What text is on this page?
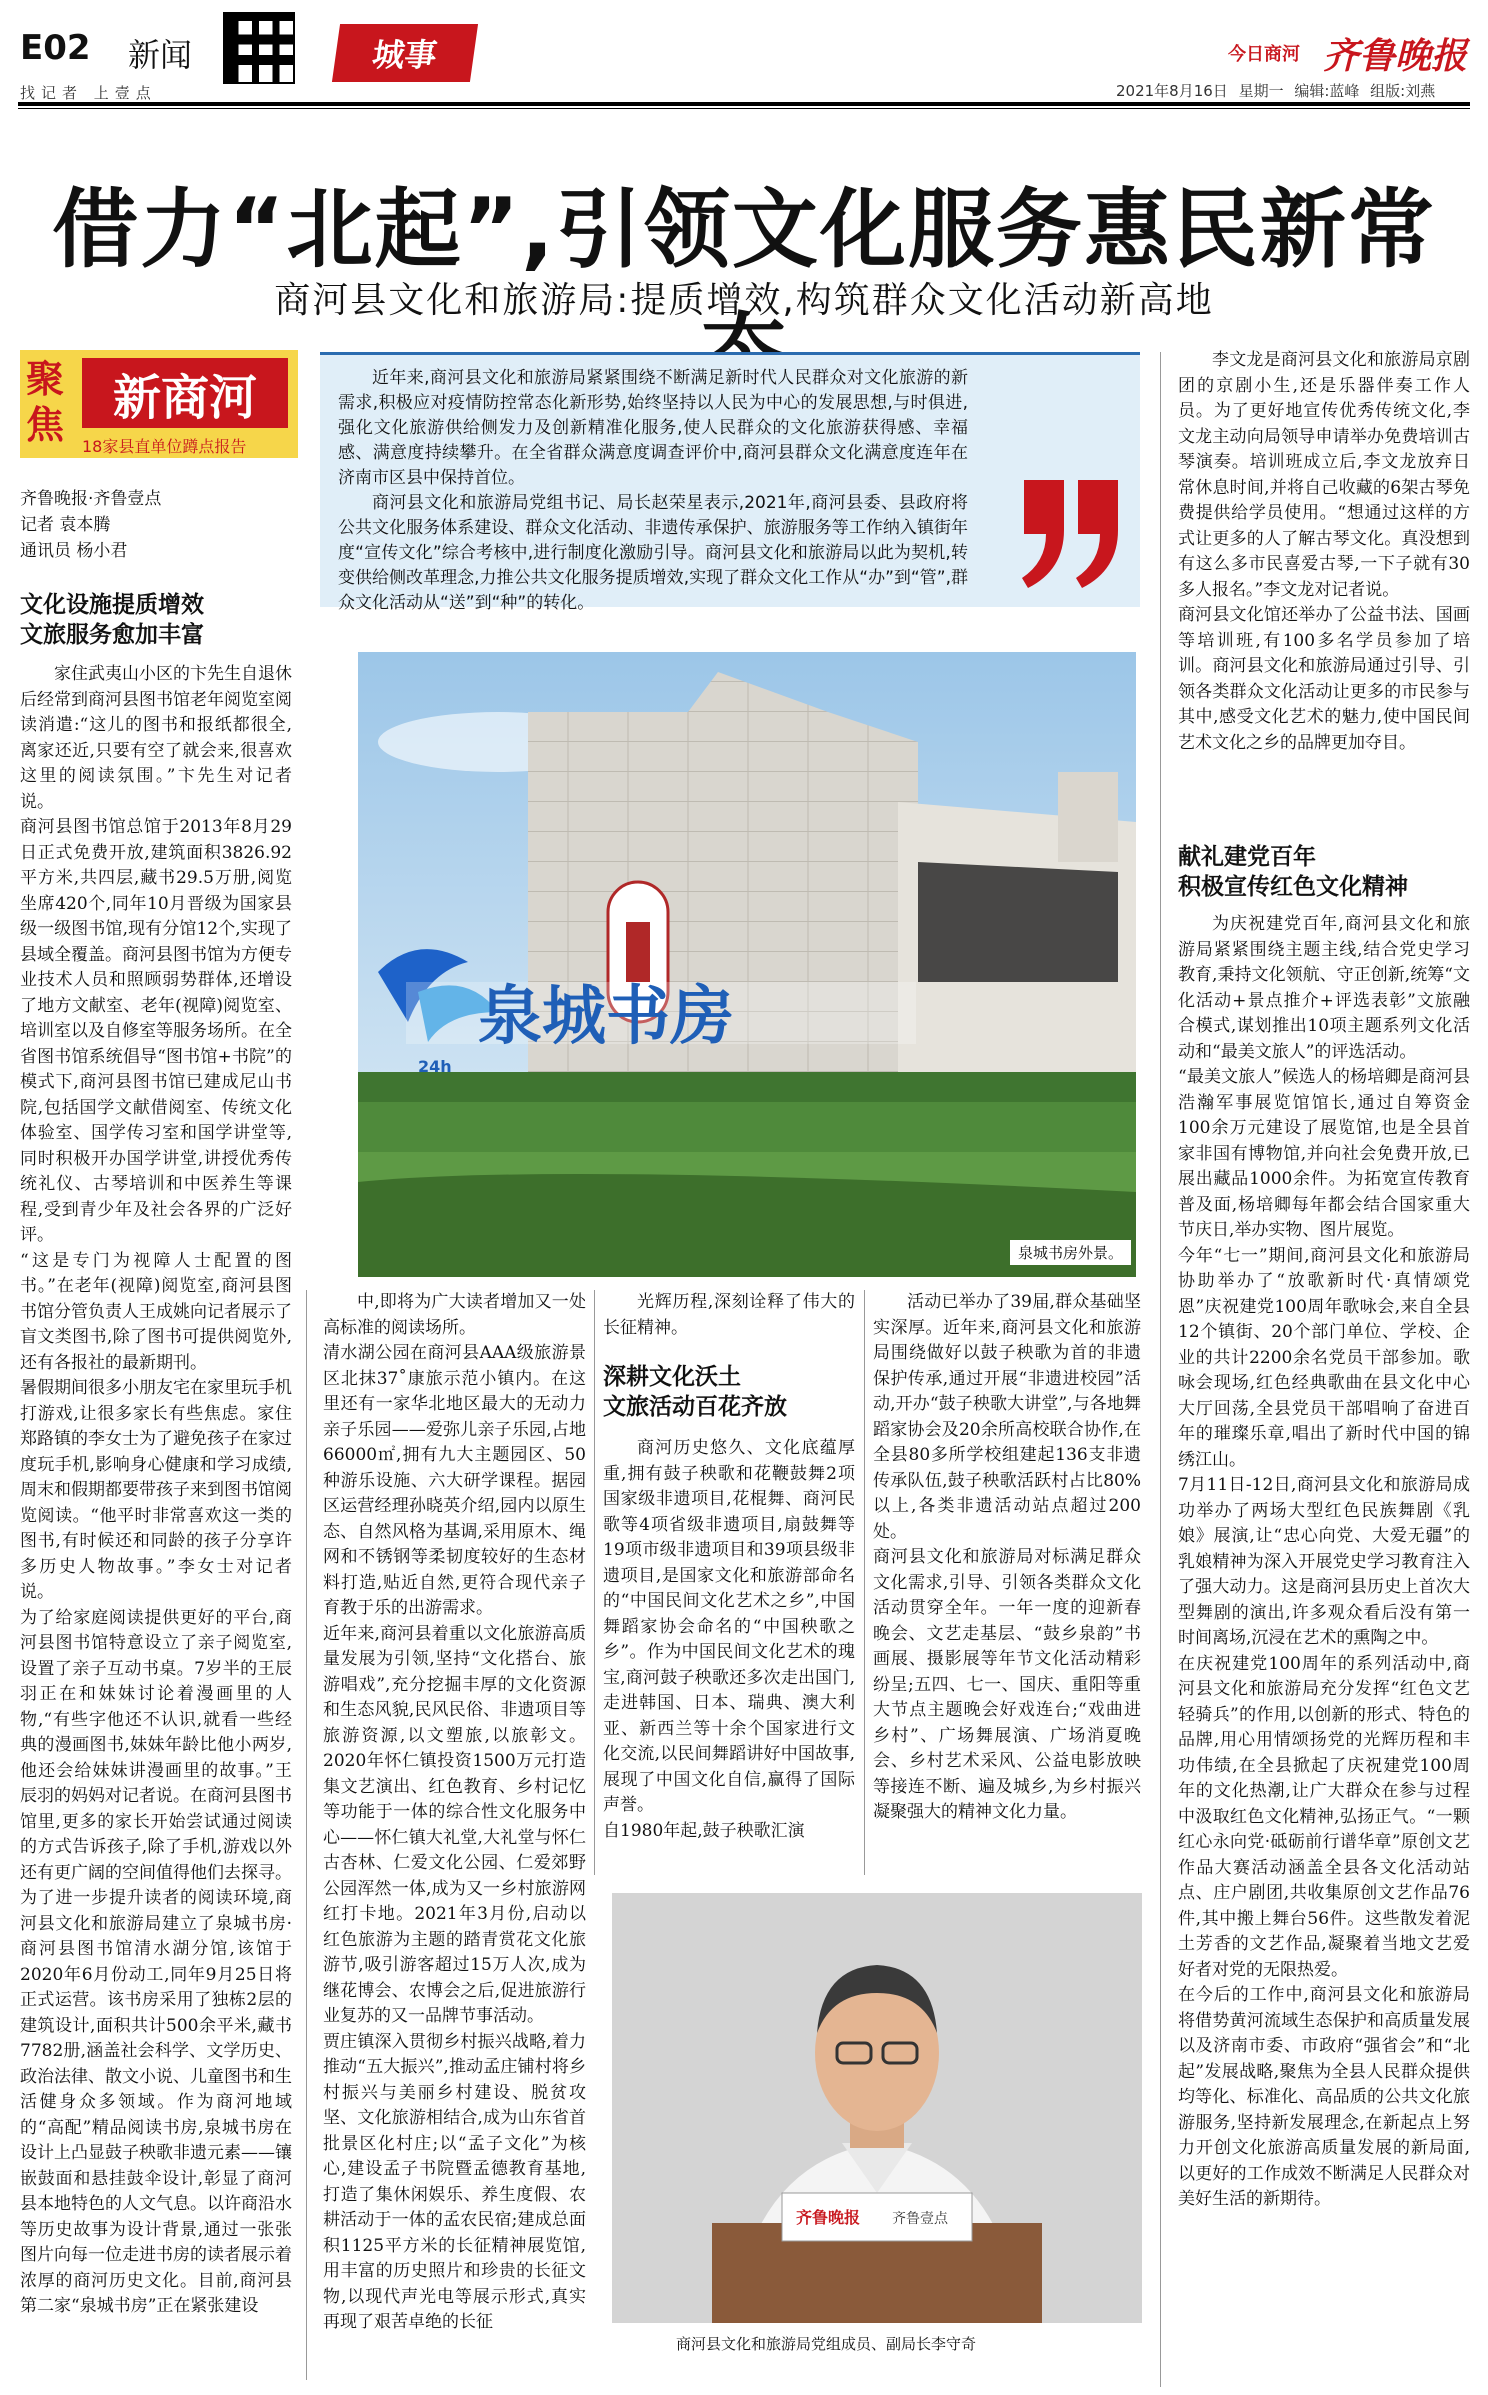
E02 新闻
找记者 上壹点
城事	今日商河 齐鲁晚报
2021年8月16日 星期一 编辑:蓝峰 组版:刘燕
借力“北起”,引领文化服务惠民新常
商河县文化和旅游局:提质增效,构筑群众文化活动新高地
聚焦 新商河
18家县直单位蹲点报告
齐鲁晚报·齐鲁壹点
记者 袁本腾
通讯员 杨小君

近年来,商河县文化和旅游局紧紧围绕不断满足新时代人民群众对文化旅游的新需求,积极应对疫情防控常态化新形势,始终坚持以人民为中心的发展思想,与时俱进,强化文化旅游供给侧发力及创新精准化服务,使人民群众的文化旅游获得感、幸福感、满意度持续攀升。在全省群众满意度调查评价中,商河县群众文化满意度连年在济南市区县中保持首位。

商河县文化和旅游局党组书记、局长赵荣星表示,2021年,商河县委、县政府将公共文化服务体系建设、群众文化活动、非遗传承保护、旅游服务等工作纳入镇街年度“宣传文化”综合考核中,进行制度化激励引导。商河县文化和旅游局以此为契机,转变供给侧改革理念,力推公共文化服务提质增效,实现了群众文化工作从“办”到“管”,群众文化活动从“送”到“种”的转化。

文化设施提质增效
文旅服务愈加丰富
家住武夷山小区的卞先生自退休后经常到商河县图书馆老年阅览室阅读消遣:“这儿的图书和报纸都很全,离家还近,只要有空了就会来,很喜欢这里的阅读氛围。”卞先生对记者说。
商河县图书馆总馆于2013年8月29日正式免费开放,建筑面积3826.92平方米,共四层,藏书29.5万册,阅览坐席420个,同年10月晋级为国家县级一级图书馆,现有分馆12个,实现了县域全覆盖。商河县图书馆为方便专业技术人员和照顾弱势群体,还增设了地方文献室、老年(视障)阅览室、培训室以及自修室等服务场所。在全省图书馆系统倡导“图书馆+书院”的模式下,商河县图书馆已建成尼山书院,包括国学文献借阅室、传统文化体验室、国学传习室和国学讲堂等,同时积极开办国学讲堂,讲授优秀传统礼仪、古琴培训和中医养生等课程,受到青少年及社会各界的广泛好评。
“这是专门为视障人士配置的图书。”在老年(视障)阅览室,商河县图书馆分管负责人王成姚向记者展示了盲文类图书,除了图书可提供阅览外,还有各报社的最新期刊。
暑假期间很多小朋友宅在家里玩手机打游戏,让很多家长有些焦虑。家住郑路镇的李女士为了避免孩子在家过度玩手机,影响身心健康和学习成绩,周末和假期都要带孩子来到图书馆阅览阅读。“他平时非常喜欢这一类的图书,有时候还和同龄的孩子分享许多历史人物故事。”李女士对记者说。
为了给家庭阅读提供更好的平台,商河县图书馆特意设立了亲子阅览室,设置了亲子互动书桌。7岁半的王辰羽正在和妹妹讨论着漫画里的人物,“有些字他还不认识,就看一些经典的漫画图书,妹妹年龄比他小两岁,他还会给妹妹讲漫画里的故事。”王辰羽的妈妈对记者说。在商河县图书馆里,更多的家长开始尝试通过阅读的方式告诉孩子,除了手机,游戏以外还有更广阔的空间值得他们去探寻。
为了进一步提升读者的阅读环境,商河县文化和旅游局建立了泉城书房·商河县图书馆清水湖分馆,该馆于2020年6月份动工,同年9月25日将正式运营。该书房采用了独栋2层的建筑设计,面积共计500余平米,藏书7782册,涵盖社会科学、文学历史、政治法律、散文小说、儿童图书和生活健身众多领域。作为商河地域的“高配”精品阅读书房,泉城书房在设计上凸显鼓子秧歌非遗元素——镶嵌鼓面和悬挂鼓伞设计,彰显了商河县本地特色的人文气息。以许商沿水等历史故事为设计背景,通过一张张图片向每一位走进书房的读者展示着浓厚的商河历史文化。目前,商河县第二家“泉城书房”正在紧张建设
泉城书房
24h
泉城书房外景。
中,即将为广大读者增加又一处高标准的阅读场所。
清水湖公园在商河县AAA级旅游景区北抹37˚康旅示范小镇内。在这里还有一家华北地区最大的无动力亲子乐园——爱弥儿亲子乐园,占地66000㎡,拥有九大主题园区、50种游乐设施、六大研学课程。据园区运营经理孙晓英介绍,园内以原生态、自然风格为基调,采用原木、绳网和不锈钢等柔韧度较好的生态材料打造,贴近自然,更符合现代亲子育教于乐的出游需求。
近年来,商河县着重以文化旅游高质量发展为引领,坚持“文化搭台、旅游唱戏”,充分挖掘丰厚的文化资源和生态风貌,民风民俗、非遗项目等旅游资源,以文塑旅,以旅彰文。2020年怀仁镇投资1500万元打造集文艺演出、红色教育、乡村记忆等功能于一体的综合性文化服务中心——怀仁镇大礼堂,大礼堂与怀仁古杏林、仁爱文化公园、仁爱郊野公园浑然一体,成为又一乡村旅游网红打卡地。2021年3月份,启动以红色旅游为主题的踏青赏花文化旅游节,吸引游客超过15万人次,成为继花博会、农博会之后,促进旅游行业复苏的又一品牌节事活动。
贾庄镇深入贯彻乡村振兴战略,着力推动“五大振兴”,推动孟庄铺村将乡村振兴与美丽乡村建设、脱贫攻坚、文化旅游相结合,成为山东省首批景区化村庄;以“孟子文化”为核心,建设孟子书院暨孟德教育基地,打造了集休闲娱乐、养生度假、农耕活动于一体的孟农民宿;建成总面积1125平方米的长征精神展览馆,用丰富的历史照片和珍贵的长征文物,以现代声光电等展示形式,真实再现了艰苦卓绝的长征
光辉历程,深刻诠释了伟大的长征精神。
深耕文化沃土
文旅活动百花齐放
商河历史悠久、文化底蕴厚重,拥有鼓子秧歌和花鞭鼓舞2项国家级非遗项目,花棍舞、商河民歌等4项省级非遗项目,扇鼓舞等19项市级非遗项目和39项县级非遗项目,是国家文化和旅游部命名的“中国民间文化艺术之乡”,中国舞蹈家协会命名的“中国秧歌之乡”。作为中国民间文化艺术的瑰宝,商河鼓子秧歌还多次走出国门,走进韩国、日本、瑞典、澳大利亚、新西兰等十余个国家进行文化交流,以民间舞蹈讲好中国故事,展现了中国文化自信,赢得了国际声誉。
自1980年起,鼓子秧歌汇演
活动已举办了39届,群众基础坚实深厚。近年来,商河县文化和旅游局围绕做好以鼓子秧歌为首的非遗保护传承,通过开展“非遗进校园”活动,开办“鼓子秧歌大讲堂”,与各地舞蹈家协会及20余所高校联合协作,在全县80多所学校组建起136支非遗传承队伍,鼓子秧歌活跃村占比80%以上,各类非遗活动站点超过200处。
商河县文化和旅游局对标满足群众文化需求,引导、引领各类群众文化活动贯穿全年。一年一度的迎新春晚会、文艺走基层、“鼓乡泉韵”书画展、摄影展等年节文化活动精彩纷呈;五四、七一、国庆、重阳等重大节点主题晚会好戏连台;“戏曲进乡村”、广场舞展演、广场消夏晚会、乡村艺术采风、公益电影放映等接连不断、遍及城乡,为乡村振兴凝聚强大的精神文化力量。
齐鲁晚报 齐鲁壹点
商河县文化和旅游局党组成员、副局长李守奇
李文龙是商河县文化和旅游局京剧团的京剧小生,还是乐器伴奏工作人员。为了更好地宣传优秀传统文化,李文龙主动向局领导申请举办免费培训古琴演奏。培训班成立后,李文龙放弃日常休息时间,并将自己收藏的6架古琴免费提供给学员使用。“想通过这样的方式让更多的人了解古琴文化。真没想到有这么多市民喜爱古琴,一下子就有30多人报名。”李文龙对记者说。
商河县文化馆还举办了公益书法、国画等培训班,有100多名学员参加了培训。商河县文化和旅游局通过引导、引领各类群众文化活动让更多的市民参与其中,感受文化艺术的魅力,使中国民间艺术文化之乡的品牌更加夺目。
献礼建党百年
积极宣传红色文化精神
为庆祝建党百年,商河县文化和旅游局紧紧围绕主题主线,结合党史学习教育,秉持文化领航、守正创新,统筹“文化活动+景点推介+评选表彰”文旅融合模式,谋划推出10项主题系列文化活动和“最美文旅人”的评选活动。
“最美文旅人”候选人的杨培卿是商河县浩瀚军事展览馆馆长,通过自筹资金100余万元建设了展览馆,也是全县首家非国有博物馆,并向社会免费开放,已展出藏品1000余件。为拓宽宣传教育普及面,杨培卿每年都会结合国家重大节庆日,举办实物、图片展览。
今年“七一”期间,商河县文化和旅游局协助举办了“放歌新时代·真情颂党恩”庆祝建党100周年歌咏会,来自全县12个镇街、20个部门单位、学校、企业的共计2200余名党员干部参加。歌咏会现场,红色经典歌曲在县文化中心大厅回荡,全县党员干部唱响了奋进百年的璀璨乐章,唱出了新时代中国的锦绣江山。
7月11日-12日,商河县文化和旅游局成功举办了两场大型红色民族舞剧《乳娘》展演,让“忠心向党、大爱无疆”的乳娘精神为深入开展党史学习教育注入了强大动力。这是商河县历史上首次大型舞剧的演出,许多观众看后没有第一时间离场,沉浸在艺术的熏陶之中。
在庆祝建党100周年的系列活动中,商河县文化和旅游局充分发挥“红色文艺轻骑兵”的作用,以创新的形式、特色的品牌,用心用情颂扬党的光辉历程和丰功伟绩,在全县掀起了庆祝建党100周年的文化热潮,让广大群众在参与过程中汲取红色文化精神,弘扬正气。“一颗红心永向党·砥砺前行谱华章”原创文艺作品大赛活动涵盖全县各文化活动站点、庄户剧团,共收集原创文艺作品76件,其中搬上舞台56件。这些散发着泥土芳香的文艺作品,凝聚着当地文艺爱好者对党的无限热爱。
在今后的工作中,商河县文化和旅游局将借势黄河流域生态保护和高质量发展以及济南市委、市政府“强省会”和“北起”发展战略,聚焦为全县人民群众提供均等化、标准化、高品质的公共文化旅游服务,坚持新发展理念,在新起点上努力开创文化旅游高质量发展的新局面,以更好的工作成效不断满足人民群众对美好生活的新期待。
